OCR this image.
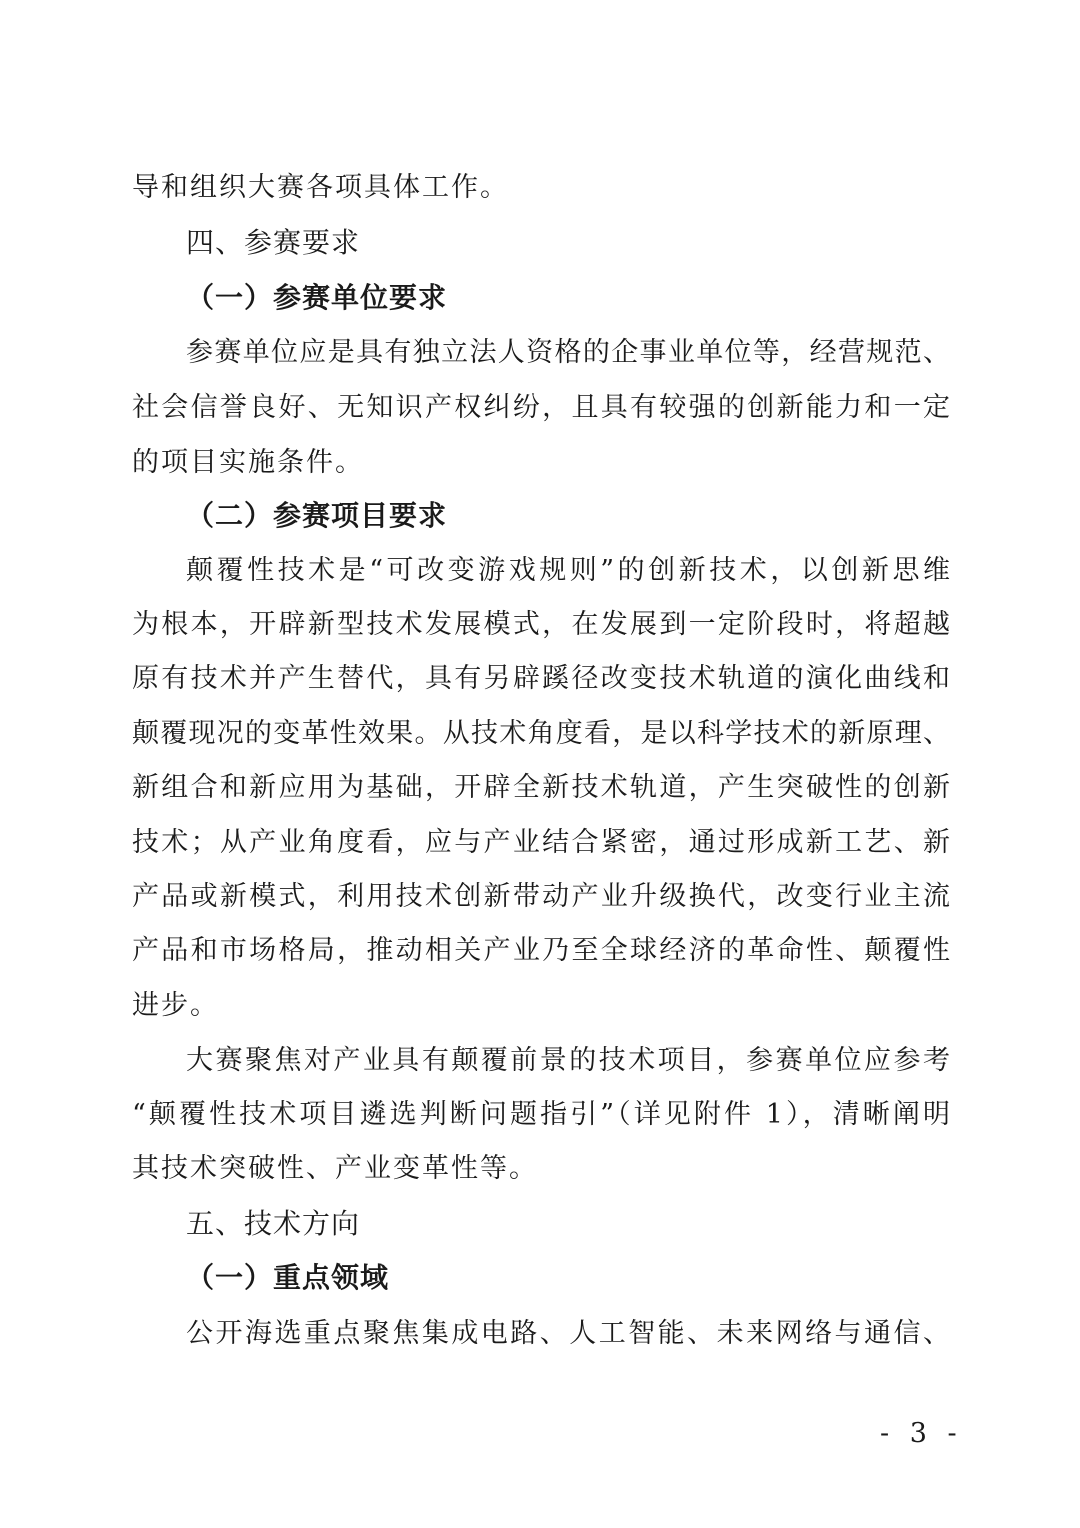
导和组织大赛各项具体工作。
四、参赛要求
（一）参赛单位要求
参赛单位应是具有独立法人资格的企事业单位等，经营规范、
社会信誉良好、无知识产权纠纷，且具有较强的创新能力和一定
的项目实施条件。
（二）参赛项目要求
颠覆性技术是“可改变游戏规则”的创新技术，以创新思维
为根本，开辟新型技术发展模式，在发展到一定阶段时，将超越
原有技术并产生替代，具有另辟蹊径改变技术轨道的演化曲线和
颠覆现况的变革性效果。从技术角度看，是以科学技术的新原理、
新组合和新应用为基础，开辟全新技术轨道，产生突破性的创新
技术；从产业角度看，应与产业结合紧密，通过形成新工艺、新
产品或新模式，利用技术创新带动产业升级换代，改变行业主流
产品和市场格局，推动相关产业乃至全球经济的革命性、颠覆性
进步。
大赛聚焦对产业具有颠覆前景的技术项目，参赛单位应参考
“颠覆性技术项目遴选判断问题指引”（详见附件 1），清晰阐明
其技术突破性、产业变革性等。
五、技术方向
（一）重点领域
公开海选重点聚焦集成电路、人工智能、未来网络与通信、
- 3 -
